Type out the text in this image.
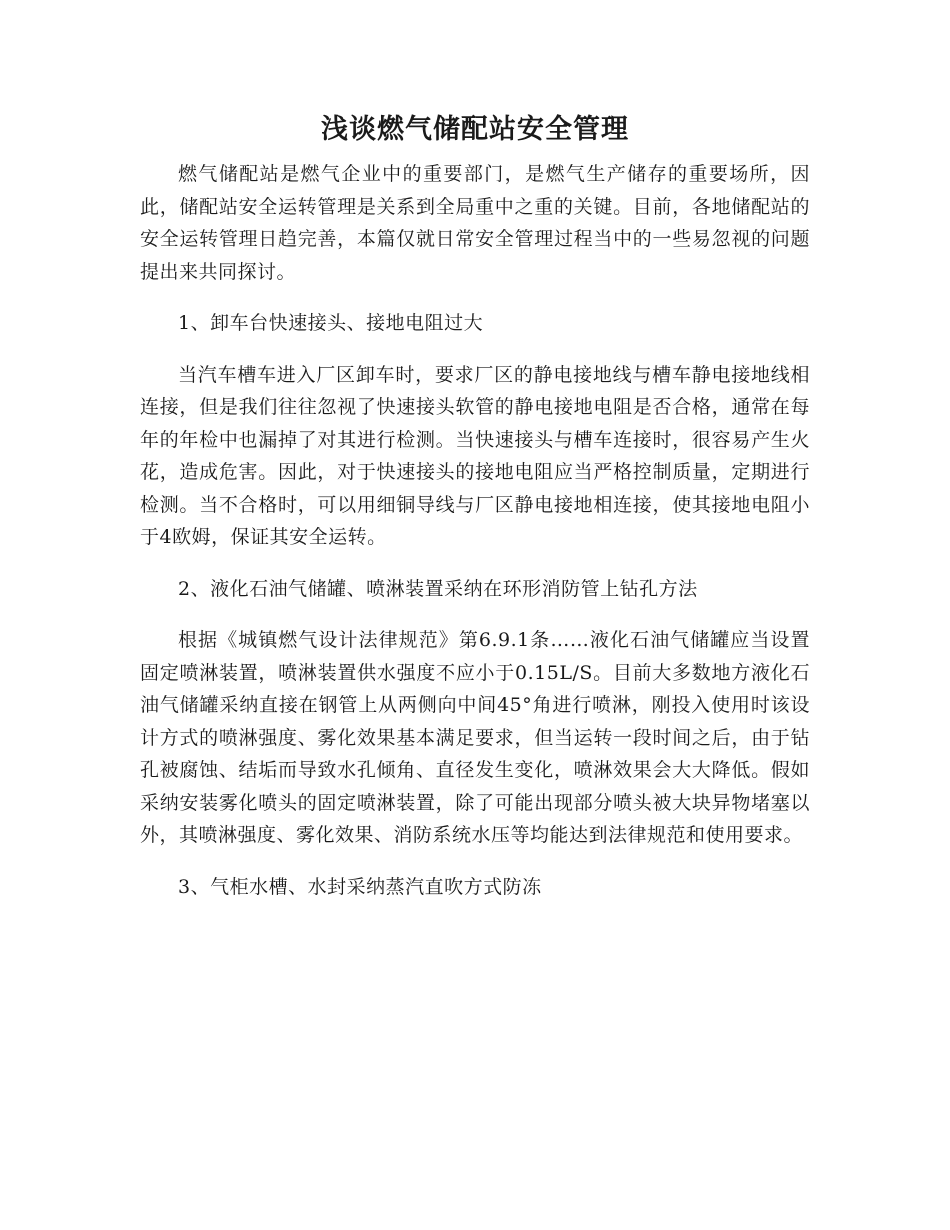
浅谈燃气储配站安全管理

燃气储配站是燃气企业中的重要部门，是燃气生产储存的重要场所，因此，储配站安全运转管理是关系到全局重中之重的关键。目前，各地储配站的安全运转管理日趋完善，本篇仅就日常安全管理过程当中的一些易忽视的问题提出来共同探讨。

1、卸车台快速接头、接地电阻过大

当汽车槽车进入厂区卸车时，要求厂区的静电接地线与槽车静电接地线相连接，但是我们往往忽视了快速接头软管的静电接地电阻是否合格，通常在每年的年检中也漏掉了对其进行检测。当快速接头与槽车连接时，很容易产生火花，造成危害。因此，对于快速接头的接地电阻应当严格控制质量，定期进行检测。当不合格时，可以用细铜导线与厂区静电接地相连接，使其接地电阻小于4欧姆，保证其安全运转。

2、液化石油气储罐、喷淋装置采纳在环形消防管上钻孔方法

根据《城镇燃气设计法律规范》第6.9.1条……液化石油气储罐应当设置固定喷淋装置，喷淋装置供水强度不应小于0.15L/S。目前大多数地方液化石油气储罐采纳直接在钢管上从两侧向中间45°角进行喷淋，刚投入使用时该设计方式的喷淋强度、雾化效果基本满足要求，但当运转一段时间之后，由于钻孔被腐蚀、结垢而导致水孔倾角、直径发生变化，喷淋效果会大大降低。假如采纳安装雾化喷头的固定喷淋装置，除了可能出现部分喷头被大块异物堵塞以外，其喷淋强度、雾化效果、消防系统水压等均能达到法律规范和使用要求。

3、气柜水槽、水封采纳蒸汽直吹方式防冻
